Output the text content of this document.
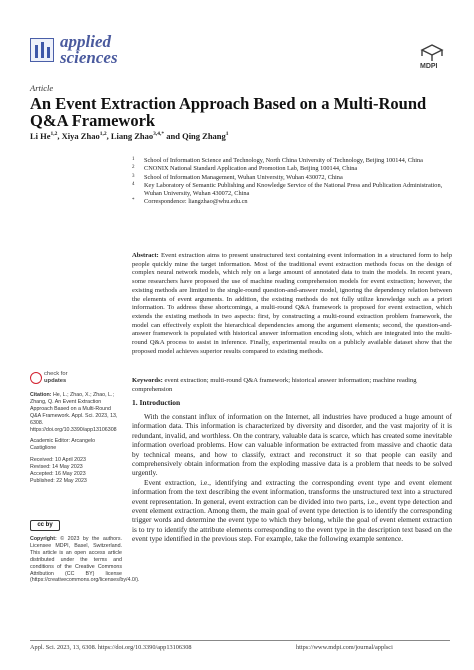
applied
sciences	MDPI
Article
An Event Extraction Approach Based on a Multi-Round Q&A Framework
Li He$^{1,2}$, Xiya Zhao$^{1,2}$, Liang Zhao$^{3,4,*}$ and Qing Zhang$^1$
1 School of Information Science and Technology, North China University of Technology, Beijing 100144, China
2 CNONIX National Standard Application and Promotion Lab, Beijing 100144, China
3 School of Information Management, Wuhan University, Wuhan 430072, China
4 Key Laboratory of Semantic Publishing and Knowledge Service of the National Press and Publication Administration, Wuhan University, Wuhan 430072, China
* Correspondence: liangzhao@whu.edu.cn
Abstract: Event extraction aims to present unstructured text containing event information in a structured form to help people quickly mine the target information. Most of the traditional event extraction methods focus on the design of complex neural network models, which rely on a large amount of annotated data to train the models. In recent years, some researchers have proposed the use of machine reading comprehension models for event extraction; however, the existing methods are limited to the single-round question-and-answer model, ignoring the dependency relation between the elements of event arguments. In addition, the existing methods do not fully utilize knowledge such as a priori information. To address these shortcomings, a multi-round Q&A framework is proposed for event extraction, which extends the existing methods in two aspects: first, by constructing a multi-round extraction problem framework, the model can effectively exploit the hierarchical dependencies among the argument elements; second, the question-and-answer framework is populated with historical answer information encoding slots, which are integrated into the multi-round Q&A process to assist in inference. Finally, experimental results on a publicly available dataset show that the proposed model achieves superior results compared to existing methods.
Keywords: event extraction; multi-round Q&A framework; historical answer information; machine reading comprehension
check for
updates

Citation: He, L.; Zhao, X.; Zhao, L.; Zhang, Q. An Event Extraction Approach Based on a Multi-Round Q&A Framework. Appl. Sci. 2023, 13, 6308. https://doi.org/10.3390/app13106308

Academic Editor: Arcangelo Castiglione

Received: 10 April 2023
Revised: 14 May 2023
Accepted: 16 May 2023
Published: 22 May 2023
cc by
Copyright: © 2023 by the authors. Licensee MDPI, Basel, Switzerland. This article is an open access article distributed under the terms and conditions of the Creative Commons Attribution (CC BY) license (https://creativecommons.org/licenses/by/4.0/).
1. Introduction

With the constant influx of information on the Internet, all industries have produced a huge amount of information data. This information is characterized by diversity and disorder, and the vast majority of it is redundant, invalid, and worthless. On the contrary, valuable data is scarce, which has created some inevitable information overload problems. How can valuable information be extracted from massive and chaotic data by technical means, and how to classify, extract and reconstruct it so that people can easily and comprehensively obtain information from the exploding massive data is a problem that needs to be solved urgently.

Event extraction, i.e., identifying and extracting the corresponding event type and event element information from the text describing the event information, transforms the unstructured text into a structured event representation. In general, event extraction can be divided into two parts, i.e., event type detection and event element extraction. Among them, the main goal of event type detection is to identify the corresponding trigger words and determine the event type to which they belong, while the goal of event element extraction is to try to identify the attribute elements corresponding to the event type in the description text based on the event type identified in the previous step. For example, take the following example sentence.

Appl. Sci. 2023, 13, 6308. https://doi.org/10.3390/app13106308	https://www.mdpi.com/journal/applsci
